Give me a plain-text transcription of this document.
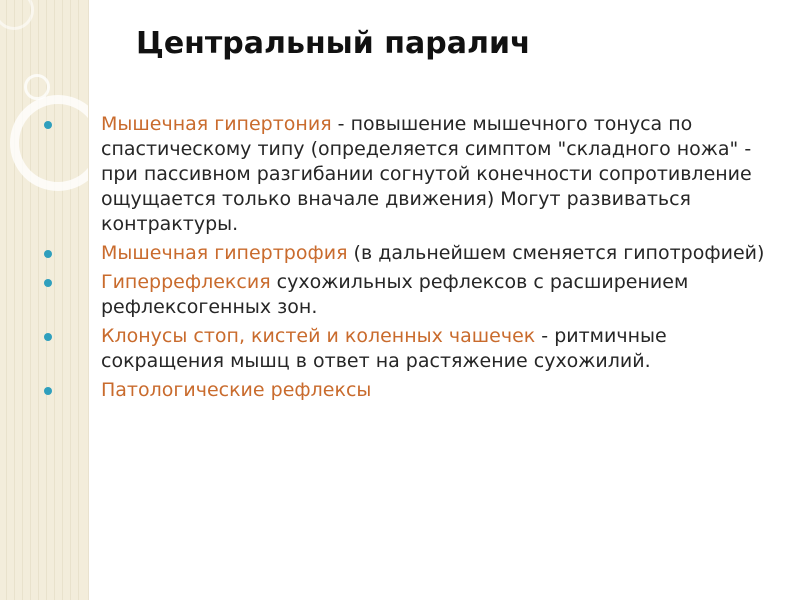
Центральный паралич
Мышечная гипертония - повышение мышечного тонуса по спастическому типу (определяется симптом "складного ножа" - при пассивном разгибании согнутой конечности сопротивление ощущается только вначале движения) Могут развиваться контрактуры.
Мышечная гипертрофия (в дальнейшем сменяется гипотрофией)
Гиперрефлексия сухожильных рефлексов с расширением рефлексогенных зон.
Клонусы стоп, кистей и коленных чашечек - ритмичные сокращения мышц в ответ на растяжение сухожилий.
Патологические рефлексы
